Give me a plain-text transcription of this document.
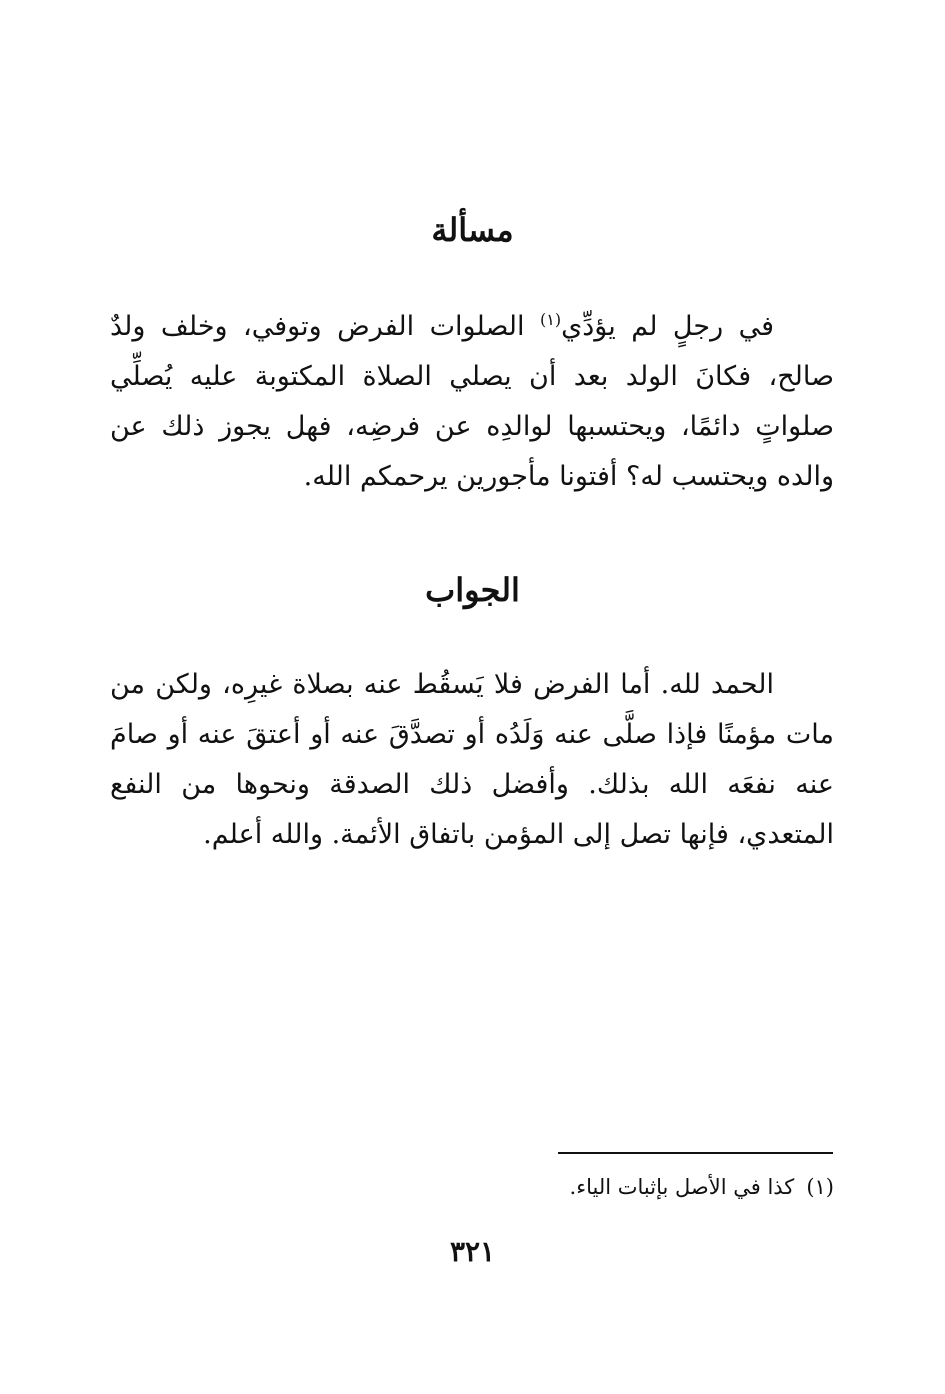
مسألة
في رجلٍ لم يؤدِّي$^{(١)}$ الصلوات الفرض وتوفي، وخلف ولدٌ صالح، فكانَ الولد بعد أن يصلي الصلاة المكتوبة عليه يُصلِّي صلواتٍ دائمًا، ويحتسبها لوالدِه عن فرضِه، فهل يجوز ذلك عن والده ويحتسب له؟ أفتونا مأجورين يرحمكم الله.
الجواب
الحمد لله. أما الفرض فلا يَسقُط عنه بصلاة غيرِه، ولكن من مات مؤمنًا فإذا صلَّى عنه وَلَدُه أو تصدَّقَ عنه أو أعتقَ عنه أو صامَ عنه نفعَه الله بذلك. وأفضل ذلك الصدقة ونحوها من النفع المتعدي، فإنها تصل إلى المؤمن باتفاق الأئمة. والله أعلم.
(١)كذا في الأصل بإثبات الياء.
٣٢١
